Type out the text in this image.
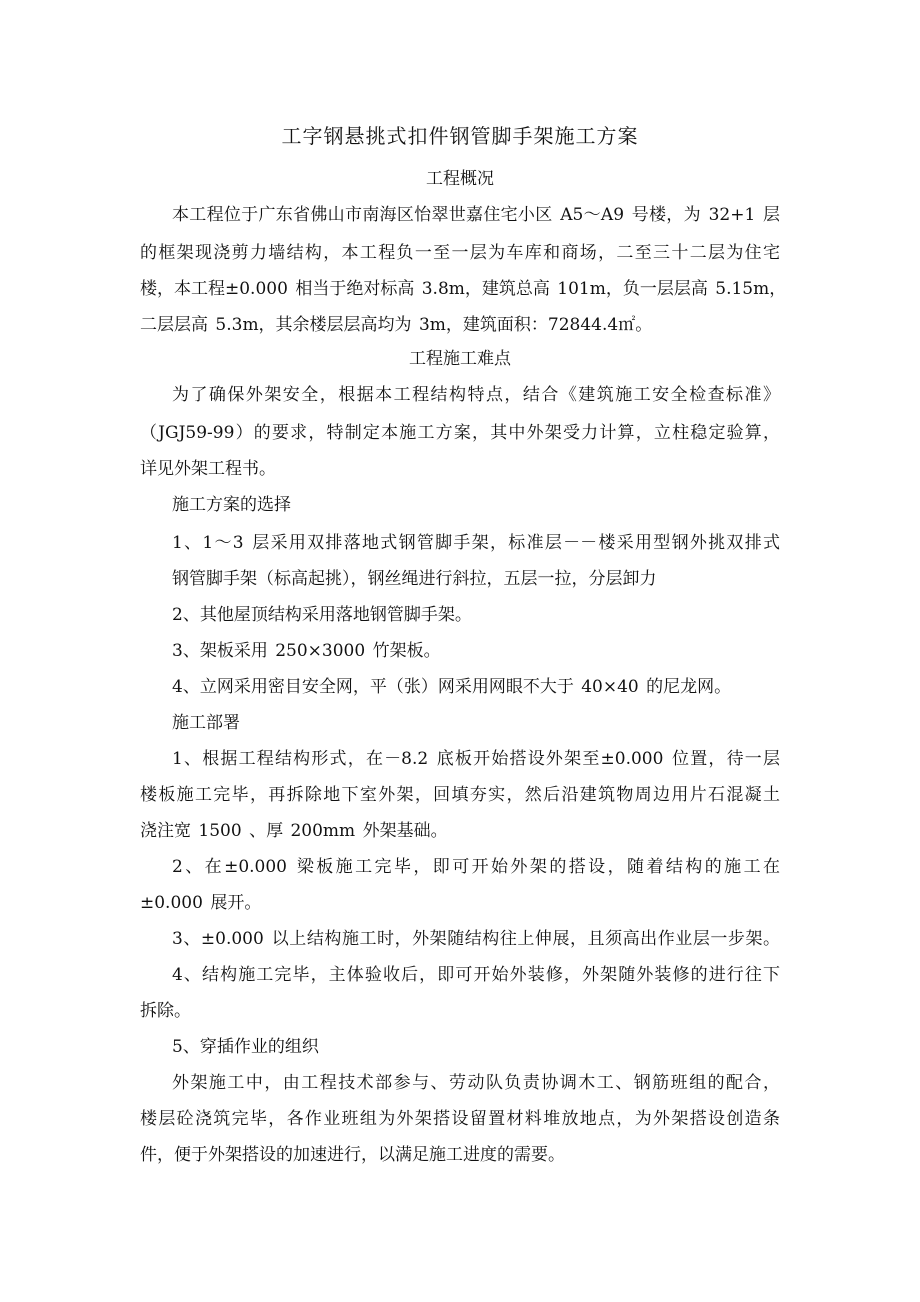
工字钢悬挑式扣件钢管脚手架施工方案
工程概况
本工程位于广东省佛山市南海区怡翠世嘉住宅小区 A5～A9 号楼，为 32+1 层
的框架现浇剪力墙结构，本工程负一至一层为车库和商场，二至三十二层为住宅
楼，本工程±0.000 相当于绝对标高 3.8m，建筑总高 101m，负一层层高 5.15m，
二层层高 5.3m，其余楼层层高均为 3m，建筑面积：72844.4㎡。
工程施工难点
为了确保外架安全，根据本工程结构特点，结合《建筑施工安全检查标准》
（JGJ59-99）的要求，特制定本施工方案，其中外架受力计算，立柱稳定验算，
详见外架工程书。
施工方案的选择
1、1～3 层采用双排落地式钢管脚手架，标准层－－楼采用型钢外挑双排式
钢管脚手架（标高起挑），钢丝绳进行斜拉，五层一拉，分层卸力
2、其他屋顶结构采用落地钢管脚手架。
3、架板采用 250×3000 竹架板。
4、立网采用密目安全网，平（张）网采用网眼不大于 40×40 的尼龙网。
施工部署
1、根据工程结构形式，在－8.2 底板开始搭设外架至±0.000 位置，待一层
楼板施工完毕，再拆除地下室外架，回填夯实，然后沿建筑物周边用片石混凝土
浇注宽 1500 、厚 200mm 外架基础。
2、在±0.000 梁板施工完毕，即可开始外架的搭设，随着结构的施工在
±0.000 展开。
3、±0.000 以上结构施工时，外架随结构往上伸展，且须高出作业层一步架。
4、结构施工完毕，主体验收后，即可开始外装修，外架随外装修的进行往下
拆除。
5、穿插作业的组织
外架施工中，由工程技术部参与、劳动队负责协调木工、钢筋班组的配合，
楼层砼浇筑完毕，各作业班组为外架搭设留置材料堆放地点，为外架搭设创造条
件，便于外架搭设的加速进行，以满足施工进度的需要。
